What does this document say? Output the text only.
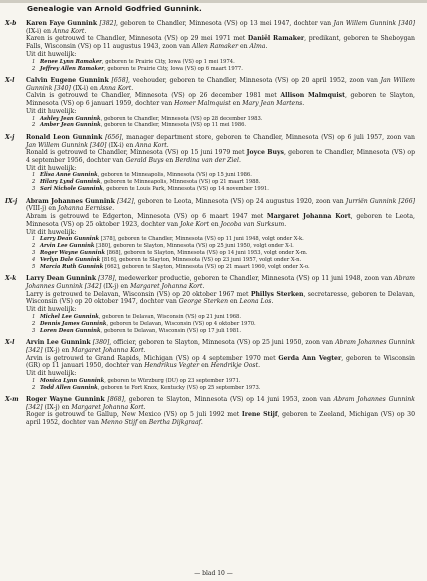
Genealogie van Arnold Godfried Gunnink.
X-b Karen Faye Gunnink [382], geboren te Chandler, Minnesota (VS) op 13 mei 1947, dochter van Jan Willem Gunnink [340] (IX-i) en Anna Kort.
Karen is getrouwd te Chandler, Minnesota (VS) op 29 mei 1971 met Daniël Ramaker, predikant, geboren te Sheboygan Falls, Wisconsin (VS) op 11 augustus 1943, zoon van Allen Ramaker en Alma.
Uit dit huwelijk:

1 Renee Lynn Ramaker, geboren te Prairie City, Iowa (VS) op 1 mei 1974.
2 Jeffrey Allen Ramaker, geboren te Prairie City, Iowa (VS) op 6 maart 1977.
X-l Calvin Eugene Gunnink [658], veehouder, geboren te Chandler, Minnesota (VS) op 20 april 1952, zoon van Jan Willem Gunnink [340] (IX-i) en Anna Kort.
Calvin is getrouwd te Chandler, Minnesota (VS) op 26 december 1981 met Allison Malmquist, geboren te Slayton, Minnesota (VS) op 6 januari 1959, dochter van Homer Malmquist en Mary Jean Martens.
Uit dit huwelijk:

1 Ashley Jean Gunnink, geboren te Chandler, Minnesota (VS) op 28 december 1983.
2 Amber Jean Gunnink, geboren te Chandler, Minnesota (VS) op 11 mei 1986.
X-j Ronald Leon Gunnink [656], manager department store, geboren te Chandler, Minnesota (VS) op 6 juli 1957, zoon van Jan Willem Gunnink [340] (IX-i) en Anna Kort.
Ronald is getrouwd te Chandler, Minnesota (VS) op 15 juni 1979 met Joyce Buys, geboren te Chandler, Minnesota (VS) op 4 september 1956, dochter van Gerald Buys en Berdina van der Ziel.
Uit dit huwelijk:

1 Elisa Anne Gunnink, geboren te Minneapolis, Minnesota (VS) op 15 juni 1986.
2 Hilary Lynd Gunnink, geboren te Minneapolis, Minnesota (VS) op 21 maart 1988.
3 Sari Nichole Gunnink, geboren te Louis Park, Minnesota (VS) op 14 november 1991.
IX-j Abram Johannes Gunnink [342], geboren te Leota, Minnesota (VS) op 24 augustus 1920, zoon van Jurriën Gunnink [266] (VIII-j) en Johanna Eernisse.
Abram is getrouwd te Edgerton, Minnesota (VS) op 6 maart 1947 met Margaret Johanna Kort, geboren te Leota, Minnesota (VS) op 25 oktober 1923, dochter van Joke Kort en Jocoba van Surksum.
Uit dit huwelijk:

1 Larry Dean Gunnink [378], geboren te Chandler, Minnesota (VS) op 11 juni 1948, volgt onder X-k.
2 Arvin Lee Gunnink [380], geboren te Slayton, Minnesota (VS) op 25 juni 1950, volgt onder X-l.
3 Roger Wayne Gunnink [868], geboren te Slayton, Minnesota (VS) op 14 juni 1953, volgt onder X-m.
4 Verlyn Dale Gunnink [816], geboren te Slayton, Minnesota (VS) op 23 juni 1957, volgt onder X-n.
5 Marcia Ruth Gunnink [662], geboren te Slayton, Minnesota (VS) op 21 maart 1960, volgt onder X-o.
X-k Larry Dean Gunnink [378], medewerker productie, geboren te Chandler, Minnesota (VS) op 11 juni 1948, zoon van Abram Johannes Gunnink [342] (IX-j) en Margaret Johanna Kort.
Larry is getrouwd te Delavan, Wisconsin (VS) op 20 oktober 1967 met Phillys Sterken, secretaresse, geboren te Delavan, Wisconsin (VS) op 20 oktober 1947, dochter van George Sterken en Leona Los.
Uit dit huwelijk:

1 Michel Lee Gunnink, geboren te Delavan, Wisconsin (VS) op 21 juni 1968.
2 Dennis James Gunnink, geboren te Delavan, Wisconsin (VS) op 4 oktober 1970.
3 Loren Dean Gunnink, geboren te Delavan, Wisconsin (VS) op 17 juli 1981.
X-l Arvin Lee Gunnink [380], officier, geboren te Slayton, Minnesota (VS) op 25 juni 1950, zoon van Abram Johannes Gunnink [342] (IX-j) en Margaret Johanna Kort.
Arvin is getrouwd te Grand Rapids, Michigan (VS) op 4 september 1970 met Gerda Ann Vegter, geboren te Wisconsin (GR) op 11 januari 1950, dochter van Hendrikus Vegter en Hendrikje Oost.
Uit dit huwelijk:

1 Monica Lynn Gunnink, geboren te Würzburg (DU) op 23 september 1971.
2 Todd Allen Gunnink, geboren te Fort Knox, Kentucky (VS) op 25 september 1973.
X-m Roger Wayne Gunnink [868], geboren te Slayton, Minnesota (VS) op 14 juni 1953, zoon van Abram Johannes Gunnink [342] (IX-j) en Margaret Johanna Kort.
Roger is getrouwd te Gallup, New Mexico (VS) op 5 juli 1992 met Irene Stijf, geboren te Zeeland, Michigan (VS) op 30 april 1952, dochter van Menno Stijf en Bertha Dijkgraaf.

— blad 10 —
